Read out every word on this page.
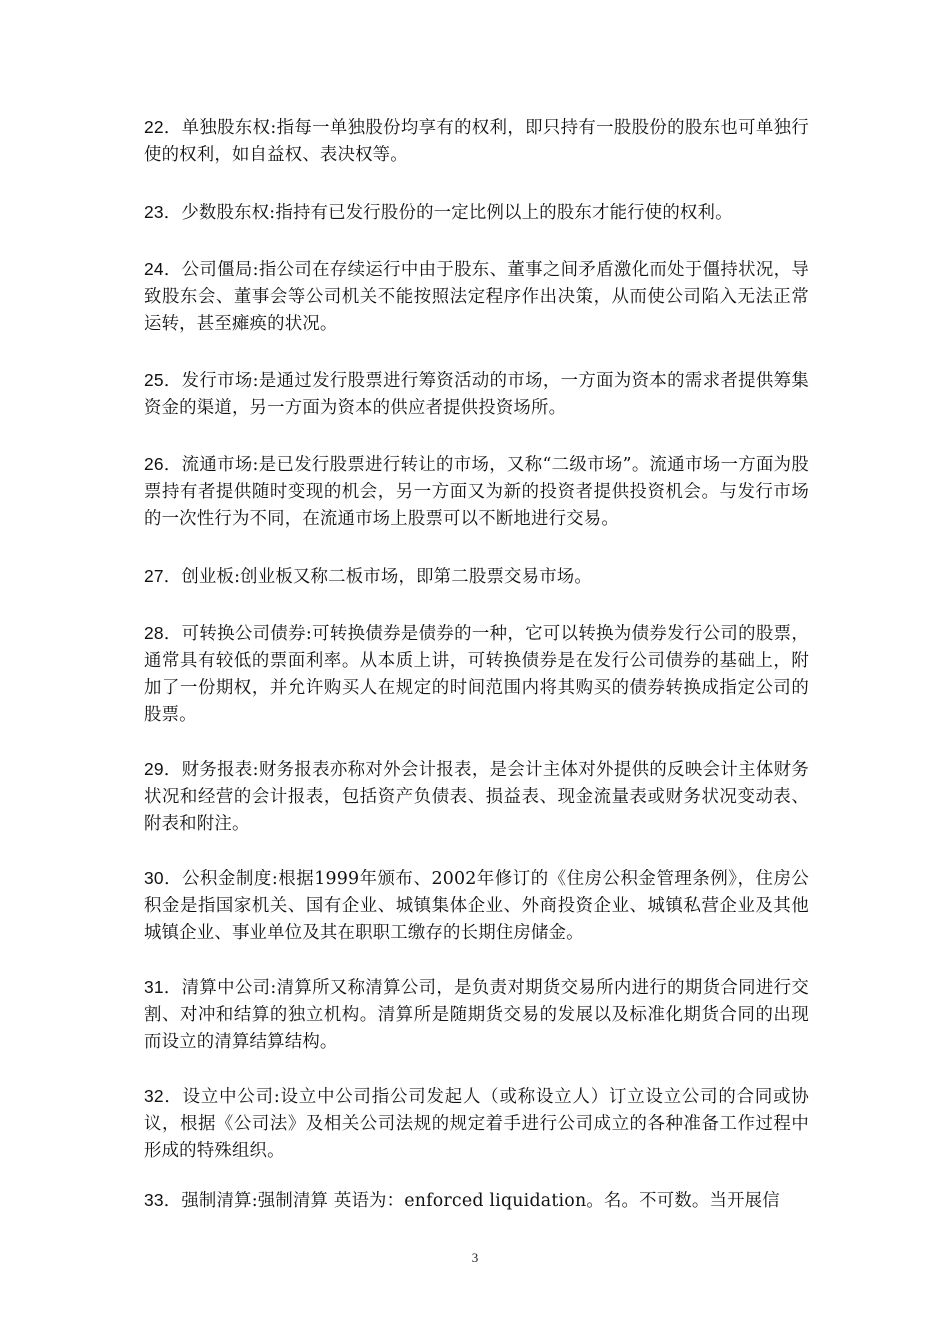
22．单独股东权:指每一单独股份均享有的权利，即只持有一股股份的股东也可单独行使的权利，如自益权、表决权等。
23．少数股东权:指持有已发行股份的一定比例以上的股东才能行使的权利。
24．公司僵局:指公司在存续运行中由于股东、董事之间矛盾激化而处于僵持状况，导致股东会、董事会等公司机关不能按照法定程序作出决策，从而使公司陷入无法正常运转，甚至瘫痪的状况。
25．发行市场:是通过发行股票进行筹资活动的市场，一方面为资本的需求者提供筹集资金的渠道，另一方面为资本的供应者提供投资场所。
26．流通市场:是已发行股票进行转让的市场，又称“二级市场”。流通市场一方面为股票持有者提供随时变现的机会，另一方面又为新的投资者提供投资机会。与发行市场的一次性行为不同，在流通市场上股票可以不断地进行交易。
27．创业板:创业板又称二板市场，即第二股票交易市场。
28．可转换公司债券:可转换债券是债券的一种，它可以转换为债券发行公司的股票，通常具有较低的票面利率。从本质上讲，可转换债券是在发行公司债券的基础上，附加了一份期权，并允许购买人在规定的时间范围内将其购买的债券转换成指定公司的股票。
29．财务报表:财务报表亦称对外会计报表，是会计主体对外提供的反映会计主体财务状况和经营的会计报表，包括资产负债表、损益表、现金流量表或财务状况变动表、附表和附注。
30．公积金制度:根据1999年颁布、2002年修订的《住房公积金管理条例》，住房公积金是指国家机关、国有企业、城镇集体企业、外商投资企业、城镇私营企业及其他城镇企业、事业单位及其在职职工缴存的长期住房储金。
31．清算中公司:清算所又称清算公司，是负责对期货交易所内进行的期货合同进行交割、对冲和结算的独立机构。清算所是随期货交易的发展以及标准化期货合同的出现而设立的清算结算结构。
32．设立中公司:设立中公司指公司发起人（或称设立人）订立设立公司的合同或协议，根据《公司法》及相关公司法规的规定着手进行公司成立的各种准备工作过程中形成的特殊组织。
33．强制清算:强制清算 英语为：enforced liquidation。名。不可数。当开展信
3
